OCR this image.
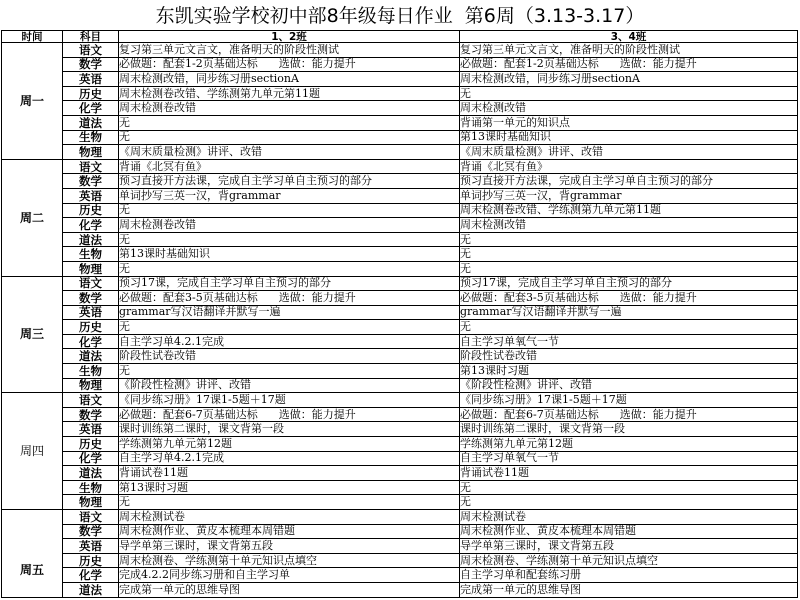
东凯实验学校初中部8年级每日作业  第6周（3.13-3.17）
时间	科目	1、2班	3、4班
周一	语文	复习第三单元文言文，准备明天的阶段性测试	复习第三单元文言文，准备明天的阶段性测试
	数学	必做题：配套1-2页基础达标      选做：能力提升	必做题：配套1-2页基础达标      选做：能力提升
	英语	周末检测改错，同步练习册sectionA	周末检测改错，同步练习册sectionA
	历史	周末检测卷改错、学练测第九单元第11题	无
	化学	周末检测卷改错	周末检测改错
	道法	无	背诵第一单元的知识点
	生物	无	第13课时基础知识
	物理	《周末质量检测》讲评、改错	《周末质量检测》讲评、改错
周二	语文	背诵《北冥有鱼》	背诵《北冥有鱼》
	数学	预习直接开方法课，完成自主学习单自主预习的部分	预习直接开方法课，完成自主学习单自主预习的部分
	英语	单词抄写三英一汉，背grammar	单词抄写三英一汉，背grammar
	历史	无	周末检测卷改错、学练测第九单元第11题
	化学	周末检测卷改错	周末检测改错
	道法	无	无
	生物	第13课时基础知识	无
	物理	无	无
周三	语文	预习17课，完成自主学习单自主预习的部分	预习17课，完成自主学习单自主预习的部分
	数学	必做题：配套3-5页基础达标      选做：能力提升	必做题：配套3-5页基础达标      选做：能力提升
	英语	grammar写汉语翻译并默写一遍	grammar写汉语翻译并默写一遍
	历史	无	无
	化学	自主学习单4.2.1完成	自主学习单氧气一节
	道法	阶段性试卷改错	阶段性试卷改错
	生物	无	第13课时习题
	物理	《阶段性检测》讲评、改错	《阶段性检测》讲评、改错
周四	语文	《同步练习册》17课1-5题＋17题	《同步练习册》17课1-5题＋17题
	数学	必做题：配套6-7页基础达标      选做：能力提升	必做题：配套6-7页基础达标      选做：能力提升
	英语	课时训练第二课时，课文背第一段	课时训练第二课时，课文背第一段
	历史	学练测第九单元第12题	学练测第九单元第12题
	化学	自主学习单4.2.1完成	自主学习单氧气一节
	道法	背诵试卷11题	背诵试卷11题
	生物	第13课时习题	无
	物理	无	无
周五	语文	周末检测试卷	周末检测试卷
	数学	周末检测作业、黄皮本梳理本周错题	周末检测作业、黄皮本梳理本周错题
	英语	导学单第三课时，课文背第五段	导学单第三课时，课文背第五段
	历史	周末检测卷、学练测第十单元知识点填空	周末检测卷、学练测第十单元知识点填空
	化学	完成4.2.2同步练习册和自主学习单	自主学习单和配套练习册
	道法	完成第一单元的思维导图	完成第一单元的思维导图
